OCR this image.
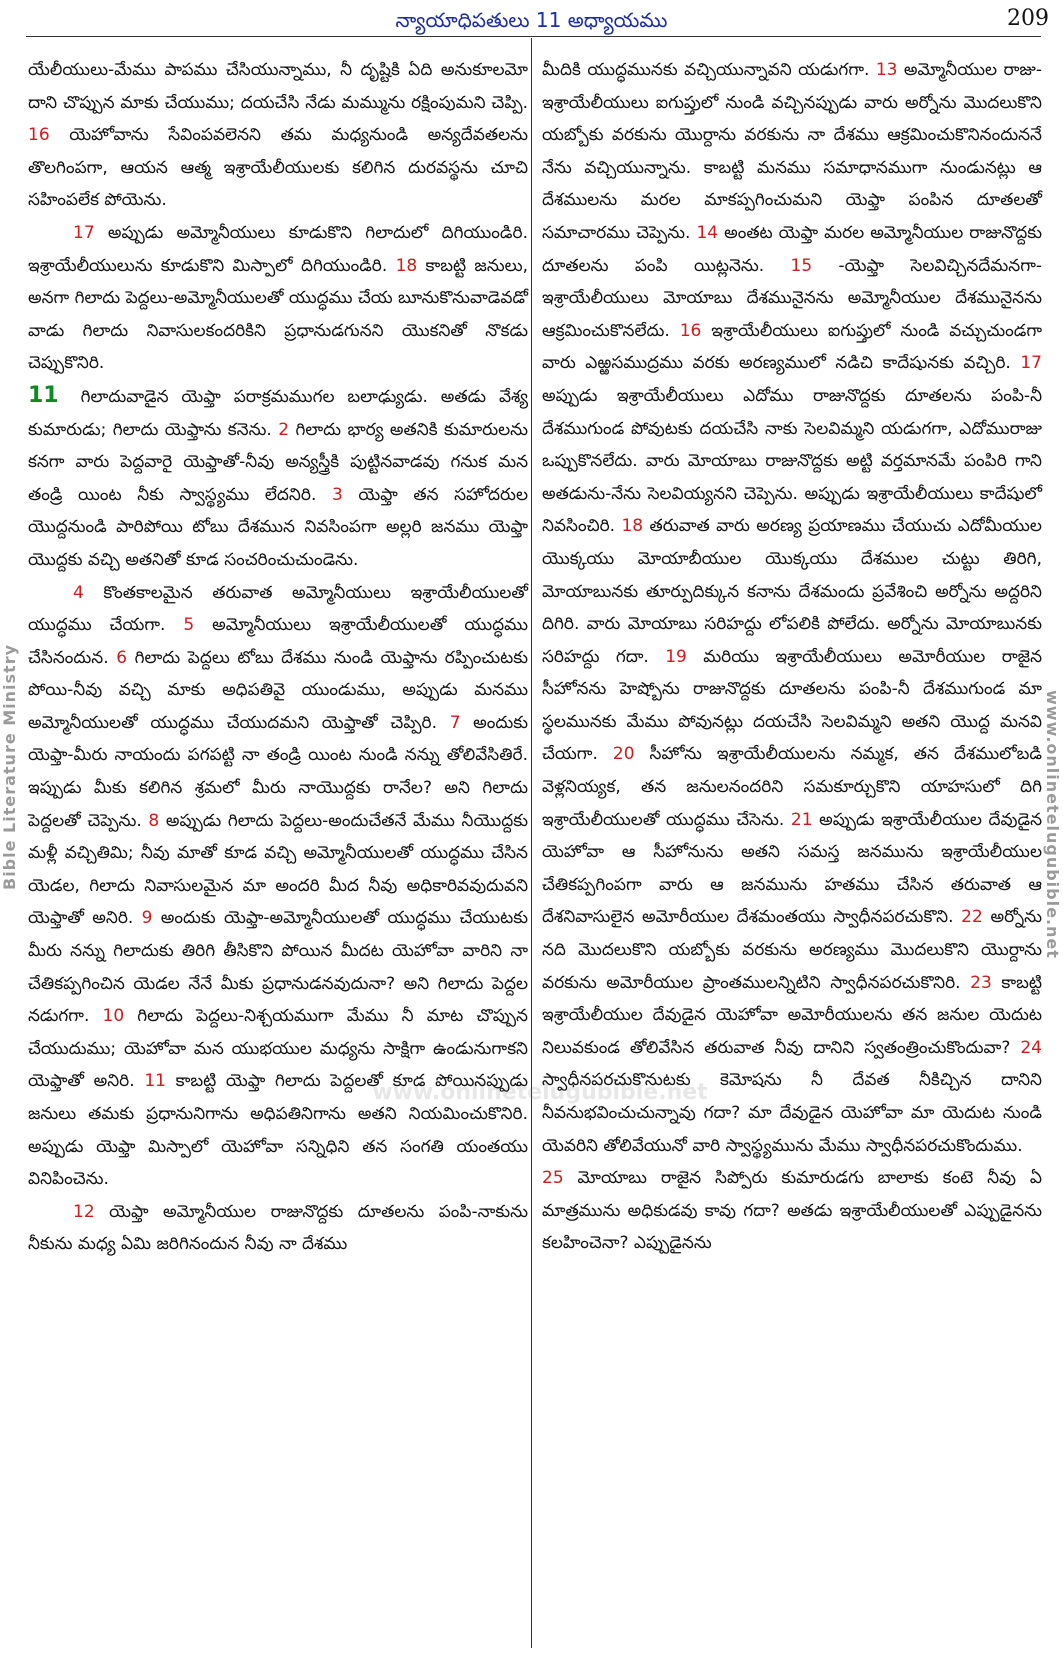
న్యాయాధిపతులు 11 అధ్యాయము	209
Bible Literature Ministry	www.onlinetelugubible.net
www.onlinetelugubible.net

యేలీయులు-మేము పాపము చేసియున్నాము, నీ దృష్టికి ఏది అనుకూలమో దాని చొప్పున మాకు చేయుము; దయచేసి నేడు మమ్మును రక్షింపుమని చెప్పి. 16 యెహోవాను సేవింపవలెనని తమ మధ్యనుండి అన్యదేవతలను తొలగింపగా, ఆయన ఆత్మ ఇశ్రాయేలీయులకు కలిగిన దురవస్థను చూచి సహింపలేక పోయెను.

17 అప్పుడు అమ్మోనీయులు కూడుకొని గిలాదులో దిగియుండిరి. ఇశ్రాయేలీయులును కూడుకొని మిస్పాలో దిగియుండిరి. 18 కాబట్టి జనులు, అనగా గిలాదు పెద్దలు-అమ్మోనీయులతో యుద్ధము చేయ బూనుకొనువాడెవడో వాడు గిలాదు నివాసులకందరికిని ప్రధానుడగునని యొకనితో నొకడు చెప్పుకొనిరి.

11 గిలాదువాడైన యెఫ్తా పరాక్రమముగల బలాఢ్యుడు. అతడు వేశ్య కుమారుడు; గిలాదు యెఫ్తాను కనెను. 2 గిలాదు భార్య అతనికి కుమారులను కనగా వారు పెద్దవారై యెఫ్తాతో-నీవు అన్యస్త్రీకి పుట్టినవాడవు గనుక మన తండ్రి యింట నీకు స్వాస్థ్యము లేదనిరి. 3 యెఫ్తా తన సహోదరుల యొద్దనుండి పారిపోయి టోబు దేశమున నివసింపగా అల్లరి జనము యెఫ్తా యొద్దకు వచ్చి అతనితో కూడ సంచరించుచుండెను.

4 కొంతకాలమైన తరువాత అమ్మోనీయులు ఇశ్రాయేలీయులతో యుద్ధము చేయగా. 5 అమ్మోనీయులు ఇశ్రాయేలీయులతో యుద్ధము చేసినందున. 6 గిలాదు పెద్దలు టోబు దేశము నుండి యెఫ్తాను రప్పించుటకు పోయి-నీవు వచ్చి మాకు అధిపతివై యుండుము, అప్పుడు మనము అమ్మోనీయులతో యుద్ధము చేయుదమని యెఫ్తాతో చెప్పిరి. 7 అందుకు యెఫ్తా-మీరు నాయందు పగపట్టి నా తండ్రి యింట నుండి నన్ను తోలివేసితిరే. ఇప్పుడు మీకు కలిగిన శ్రమలో మీరు నాయొద్దకు రానేల? అని గిలాదు పెద్దలతో చెప్పెను. 8 అప్పుడు గిలాదు పెద్దలు-అందుచేతనే మేము నీయొద్దకు మళ్లీ వచ్చితిమి; నీవు మాతో కూడ వచ్చి అమ్మోనీయులతో యుద్ధము చేసిన యెడల, గిలాదు నివాసులమైన మా అందరి మీద నీవు అధికారివవుదువని యెఫ్తాతో అనిరి. 9 అందుకు యెఫ్తా-అమ్మోనీయులతో యుద్ధము చేయుటకు మీరు నన్ను గిలాదుకు తిరిగి తీసికొని పోయిన మీదట యెహోవా వారిని నా చేతికప్పగించిన యెడల నేనే మీకు ప్రధానుడనవుదునా? అని గిలాదు పెద్దల నడుగగా. 10 గిలాదు పెద్దలు-నిశ్చయముగా మేము నీ మాట చొప్పున చేయుదుము; యెహోవా మన యుభయుల మధ్యను సాక్షిగా ఉండునుగాకని యెఫ్తాతో అనిరి. 11 కాబట్టి యెఫ్తా గిలాదు పెద్దలతో కూడ పోయినప్పుడు జనులు తమకు ప్రధానునిగాను అధిపతినిగాను అతని నియమించుకొనిరి. అప్పుడు యెఫ్తా మిస్పాలో యెహోవా సన్నిధిని తన సంగతి యంతయు వినిపించెను.

12 యెఫ్తా అమ్మోనీయుల రాజునొద్దకు దూతలను పంపి-నాకును నీకును మధ్య ఏమి జరిగినందున నీవు నా దేశము

మీదికి యుద్ధమునకు వచ్చియున్నావని యడుగగా. 13 అమ్మోనీయుల రాజు-ఇశ్రాయేలీయులు ఐగుప్తులో నుండి వచ్చినప్పుడు వారు అర్నోను మొదలుకొని యబ్బోకు వరకును యొర్దాను వరకును నా దేశము ఆక్రమించుకొనినందుననే నేను వచ్చియున్నాను. కాబట్టి మనము సమాధానముగా నుండునట్లు ఆ దేశములను మరల మాకప్పగించుమని యెఫ్తా పంపిన దూతలతో సమాచారము చెప్పెను. 14 అంతట యెఫ్తా మరల అమ్మోనీయుల రాజునొద్దకు దూతలను పంపి యిట్లనెను. 15 -యెఫ్తా సెలవిచ్చినదేమనగా-ఇశ్రాయేలీయులు మోయాబు దేశమునైనను అమ్మోనీయుల దేశమునైనను ఆక్రమించుకొనలేదు. 16 ఇశ్రాయేలీయులు ఐగుప్తులో నుండి వచ్చుచుండగా వారు ఎఱ్ఱసముద్రము వరకు అరణ్యములో నడిచి కాదేషునకు వచ్చిరి. 17 అప్పుడు ఇశ్రాయేలీయులు ఎదోము రాజునొద్దకు దూతలను పంపి-నీ దేశముగుండ పోవుటకు దయచేసి నాకు సెలవిమ్మని యడుగగా, ఎదోమురాజు ఒప్పుకొనలేదు. వారు మోయాబు రాజునొద్దకు అట్టి వర్తమానమే పంపిరి గాని అతడును-నేను సెలవియ్యనని చెప్పెను. అప్పుడు ఇశ్రాయేలీయులు కాదేషులో నివసించిరి. 18 తరువాత వారు అరణ్య ప్రయాణము చేయుచు ఎదోమీయుల యొక్కయు మోయాబీయుల యొక్కయు దేశముల చుట్టు తిరిగి, మోయాబునకు తూర్పుదిక్కున కనాను దేశమందు ప్రవేశించి అర్నోను అద్దరిని దిగిరి. వారు మోయాబు సరిహద్దు లోపలికి పోలేదు. అర్నోను మోయాబునకు సరిహద్దు గదా. 19 మరియు ఇశ్రాయేలీయులు అమోరీయుల రాజైన సీహోనను హెష్బోను రాజునొద్దకు దూతలను పంపి-నీ దేశముగుండ మా స్థలమునకు మేము పోవునట్లు దయచేసి సెలవిమ్మని అతని యొద్ద మనవి చేయగా. 20 సీహోను ఇశ్రాయేలీయులను నమ్మక, తన దేశములోబడి వెళ్లనియ్యక, తన జనులనందరిని సమకూర్చుకొని యాహసులో దిగి ఇశ్రాయేలీయులతో యుద్ధము చేసెను. 21 అప్పుడు ఇశ్రాయేలీయుల దేవుడైన యెహోవా ఆ సీహోనును అతని సమస్త జనమును ఇశ్రాయేలీయుల చేతికప్పగింపగా వారు ఆ జనమును హతము చేసిన తరువాత ఆ దేశనివాసులైన అమోరీయుల దేశమంతయు స్వాధీనపరచుకొని. 22 అర్నోను నది మొదలుకొని యబ్బోకు వరకును అరణ్యము మొదలుకొని యొర్దాను వరకును అమోరీయుల ప్రాంతములన్నిటిని స్వాధీనపరచుకొనిరి. 23 కాబట్టి ఇశ్రాయేలీయుల దేవుడైన యెహోవా అమోరీయులను తన జనుల యెదుట నిలువకుండ తోలివేసిన తరువాత నీవు దానిని స్వతంత్రించుకొందువా? 24 స్వాధీనపరచుకొనుటకు కెమోషను నీ దేవత నీకిచ్చిన దానిని నీవనుభవించుచున్నావు గదా? మా దేవుడైన యెహోవా మా యెదుట నుండి యెవరిని తోలివేయునో వారి స్వాస్థ్యమును మేము స్వాధీనపరచుకొందుము.

25 మోయాబు రాజైన సిప్పోరు కుమారుడగు బాలాకు కంటె నీవు ఏ మాత్రమును అధికుడవు కావు గదా? అతడు ఇశ్రాయేలీయులతో ఎప్పుడైనను కలహించెనా? ఎప్పుడైనను
